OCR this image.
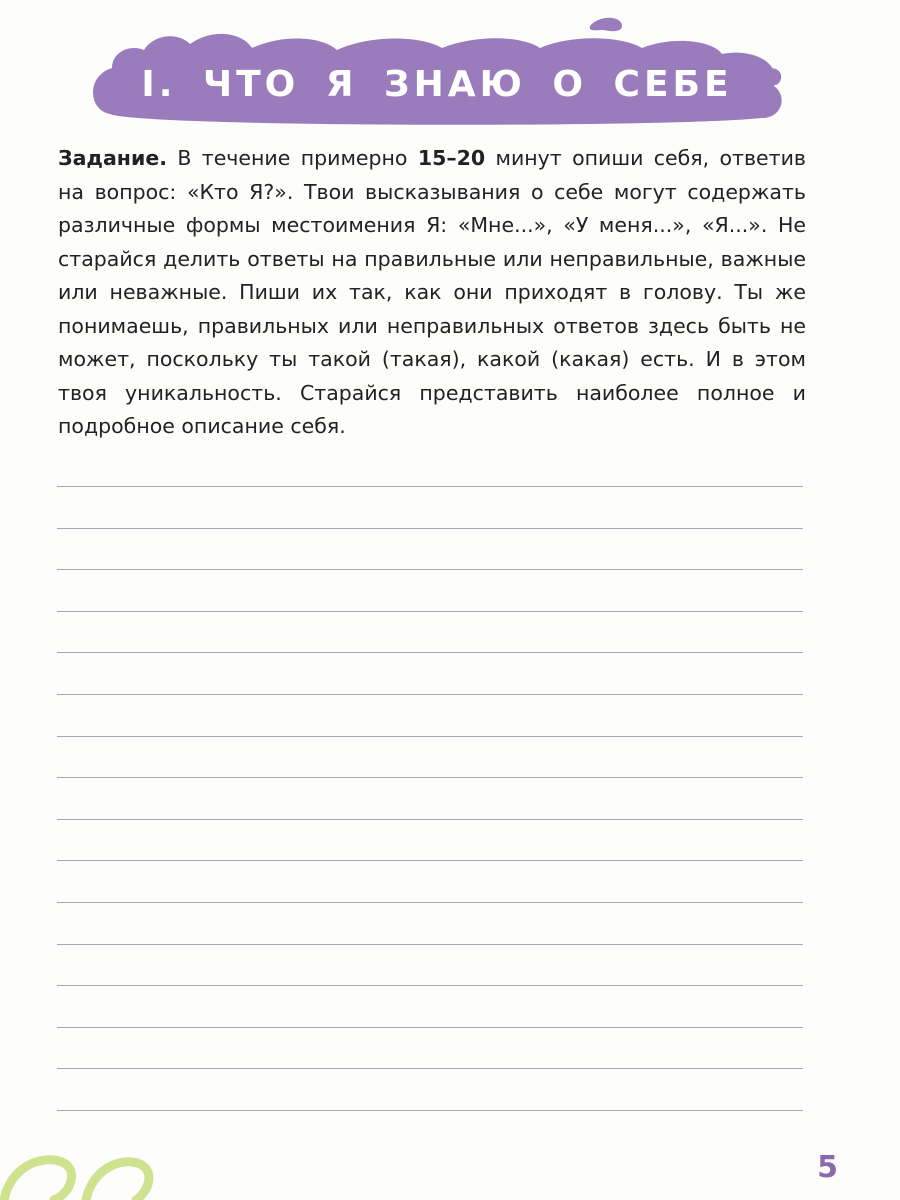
I. ЧТО Я ЗНАЮ О СЕБЕ
Задание. В течение примерно 15–20 минут опиши себя, ответив на вопрос: «Кто Я?». Твои высказывания о себе могут содержать различные формы местоимения Я: «Мне...», «У меня...», «Я...». Не старайся делить ответы на правильные или неправильные, важные или неважные. Пиши их так, как они приходят в голову. Ты же понимаешь, правильных или неправильных ответов здесь быть не может, поскольку ты такой (такая), какой (какая) есть. И в этом твоя уникальность. Старайся представить наиболее полное и подробное описание себя.
5
